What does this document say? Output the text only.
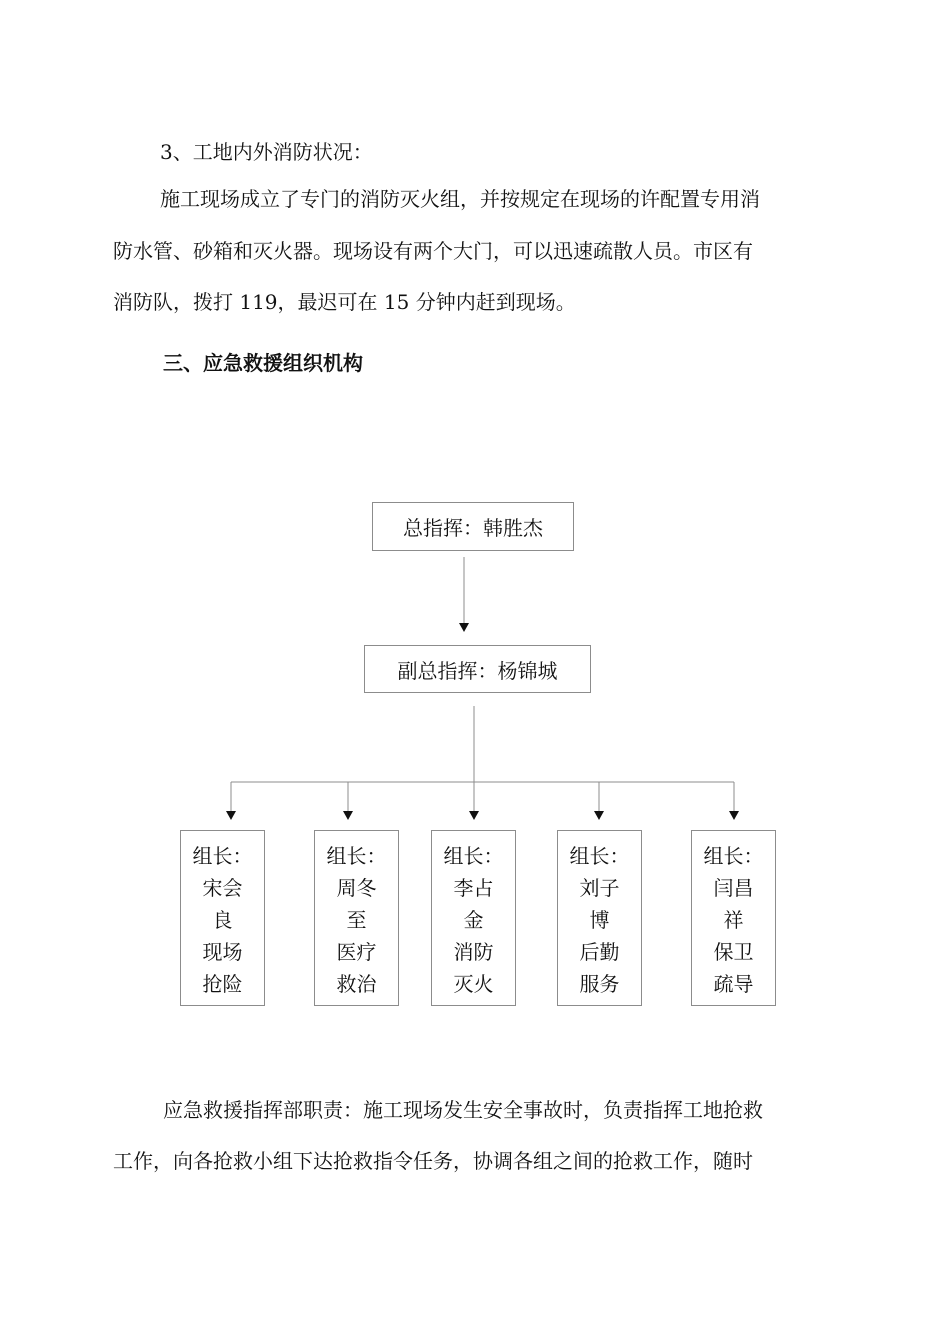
3、工地内外消防状况：
施工现场成立了专门的消防灭火组，并按规定在现场的许配置专用消
防水管、砂箱和灭火器。现场设有两个大门，可以迅速疏散人员。市区有
消防队，拨打 119，最迟可在 15 分钟内赶到现场。
三、应急救援组织机构
总指挥：韩胜杰
副总指挥：杨锦城
组长：
宋会良
现场抢险
组长：
周冬至
医疗救治
组长：
李占金
消防灭火
组长：
刘子博
后勤服务
组长：
闫昌祥
保卫疏导
应急救援指挥部职责：施工现场发生安全事故时，负责指挥工地抢救
工作，向各抢救小组下达抢救指令任务，协调各组之间的抢救工作，随时
